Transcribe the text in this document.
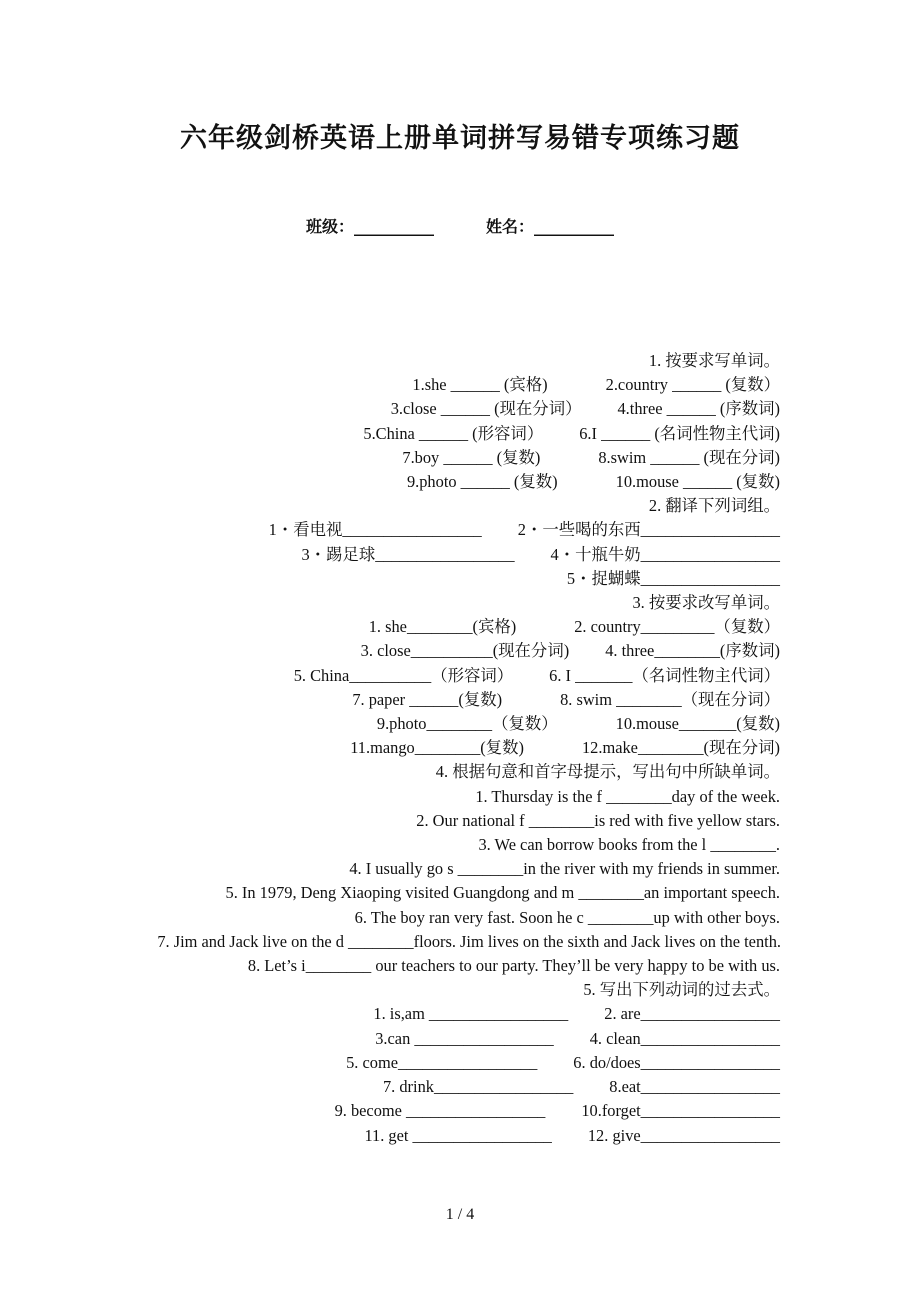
六年级剑桥英语上册单词拼写易错专项练习题
班级：__________	姓名：__________
1. 按要求写单词。
1.she ______ (宾格)	2.country ______ (复数）
3.close ______ (现在分词） 4.three ______ (序数词)
5.China ______ (形容词） 6.I ______ (名词性物主代词)
7.boy ______ (复数)	8.swim ______ (现在分词)
9.photo ______ (复数)	10.mouse ______ (复数)
2. 翻译下列词组。
1・看电视_________________ 2・一些喝的东西_________________
3・踢足球_________________ 4・十瓶牛奶_________________
5・捉蝴蝶_________________
3. 按要求改写单词。
1. she________(宾格)	2. country_________（复数）
3. close__________(现在分词) 4. three________(序数词)
5. China__________（形容词） 6. I _______（名词性物主代词）
7. paper ______(复数)	8. swim ________（现在分词）
9.photo________（复数）	10.mouse_______(复数)
11.mango________(复数)	12.make________(现在分词)
4. 根据句意和首字母提示，写出句中所缺单词。
1. Thursday is the f ________day of the week.
2. Our national f ________is red with five yellow stars.
3. We can borrow books from the l ________.
4. I usually go s ________in the river with my friends in summer.
5. In 1979, Deng Xiaoping visited Guangdong and m ________an important speech.
6. The boy ran very fast. Soon he c ________up with other boys.
7. Jim and Jack live on the d ________floors. Jim lives on the sixth and Jack lives on the tenth.
8. Let’s i________ our teachers to our party. They’ll be very happy to be with us.
5. 写出下列动词的过去式。
1. is,am _________________ 2. are_________________
3.can _________________ 4. clean_________________
5. come_________________ 6. do/does_________________
7. drink_________________ 8.eat_________________
9. become _________________ 10.forget_________________
11. get _________________ 12. give_________________
1 / 4
